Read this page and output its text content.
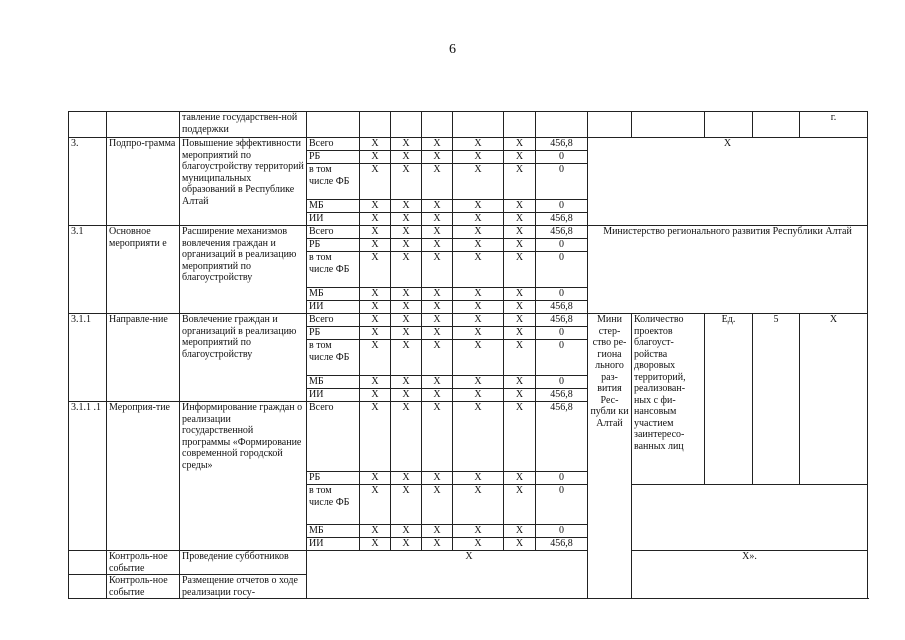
6
		тавление государствен-ной поддержки												г.	
3.	Подпро-грамма	Повышение эффективности мероприятий по благоустройству территорий муниципальных образований в Республике Алтай	Всего	Х	Х	Х	Х	Х	456,8	Х					
			РБ	Х	Х	Х	Х	Х	0						
			в том числе ФБ	Х	Х	Х	Х	Х	0						
			МБ	Х	Х	Х	Х	Х	0						
			ИИ	Х	Х	Х	Х	Х	456,8						
3.1	Основное мероприяти е	Расширение механизмов вовлечения граждан и организаций в реализацию мероприятий по благоустройству	Всего	Х	Х	Х	Х	Х	456,8	Министерство регионального развития Республики Алтай					
			РБ	Х	Х	Х	Х	Х	0						
			в том числе ФБ	Х	Х	Х	Х	Х	0						
			МБ	Х	Х	Х	Х	Х	0						
			ИИ	Х	Х	Х	Х	Х	456,8						
3.1.1	Направле-ние	Вовлечение граждан и организаций в реализацию мероприятий по благоустройству	Всего	Х	Х	Х	Х	Х	456,8	Мини стер-ство ре-гиона льного раз-вития Рес-публи ки Алтай	Количество проектов благоуст-ройства дворовых территорий, реализован-ных с фи-нансовым участием заинтересо-ванных лиц	Ед.	5	Х	
			РБ	Х	Х	Х	Х	Х	0						
			в том числе ФБ	Х	Х	Х	Х	Х	0						
			МБ	Х	Х	Х	Х	Х	0						
			ИИ	Х	Х	Х	Х	Х	456,8						
3.1.1 .1	Мероприя-тие	Информирование граждан о реализации государственной программы «Формирование современной городской среды»	Всего	Х	Х	Х	Х	Х	456,8				
			РБ	Х	Х	Х	Х	Х	0						
			в том числе ФБ	Х	Х	Х	Х	Х	0						
			МБ	Х	Х	Х	Х	Х	0						
			ИИ	Х	Х	Х	Х	Х	456,8						
	Контроль-ное событие	Проведение субботников	Х								Х».				
	Контроль-ное событие	Размещение отчетов о ходе реализации госу-													
